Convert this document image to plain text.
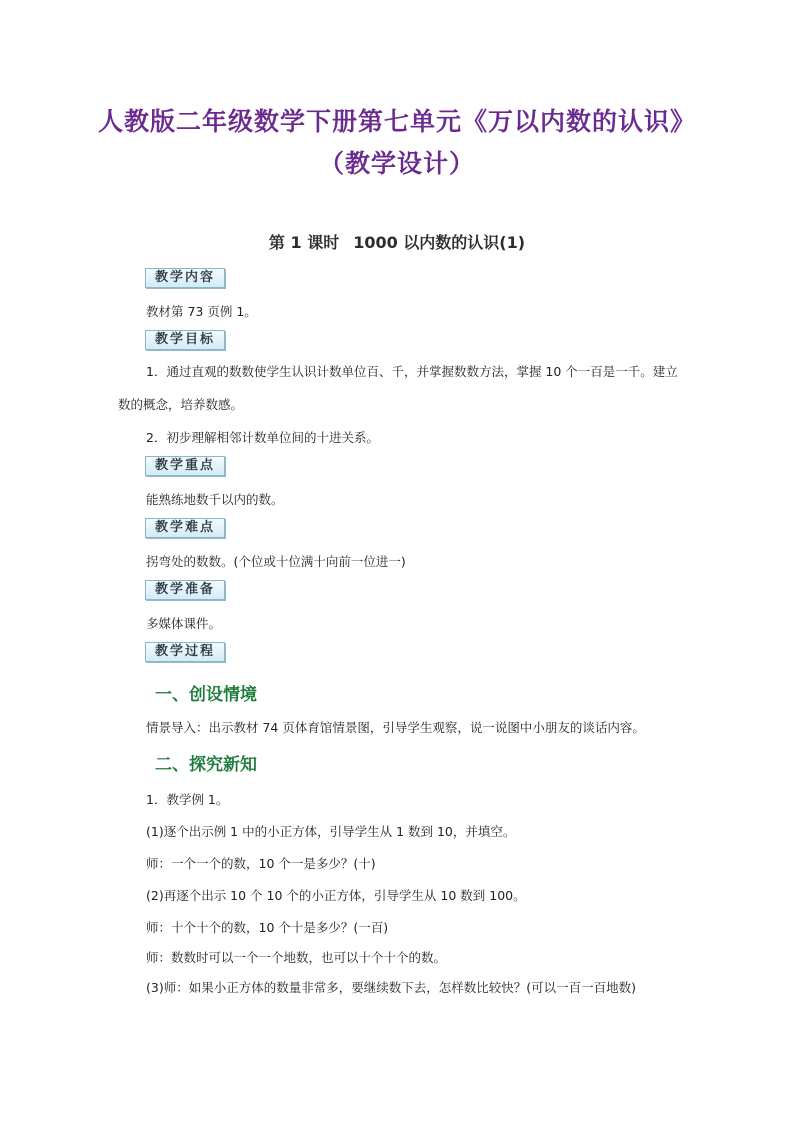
人教版二年级数学下册第七单元《万以内数的认识》
（教学设计）
第 1 课时 1000 以内数的认识(1)
教学内容
教材第 73 页例 1。
教学目标
1．通过直观的数数使学生认识计数单位百、千，并掌握数数方法，掌握 10 个一百是一千。建立数的概念，培养数感。
2．初步理解相邻计数单位间的十进关系。
教学重点
能熟练地数千以内的数。
教学难点
拐弯处的数数。(个位或十位满十向前一位进一)
教学准备
多媒体课件。
教学过程
一、创设情境
情景导入：出示教材 74 页体育馆情景图，引导学生观察，说一说图中小朋友的谈话内容。
二、探究新知
1．教学例 1。
(1)逐个出示例 1 中的小正方体，引导学生从 1 数到 10，并填空。
师：一个一个的数，10 个一是多少？(十)
(2)再逐个出示 10 个 10 个的小正方体，引导学生从 10 数到 100。
师：十个十个的数，10 个十是多少？(一百)
师：数数时可以一个一个地数，也可以十个十个的数。
(3)师：如果小正方体的数量非常多，要继续数下去，怎样数比较快？(可以一百一百地数)
